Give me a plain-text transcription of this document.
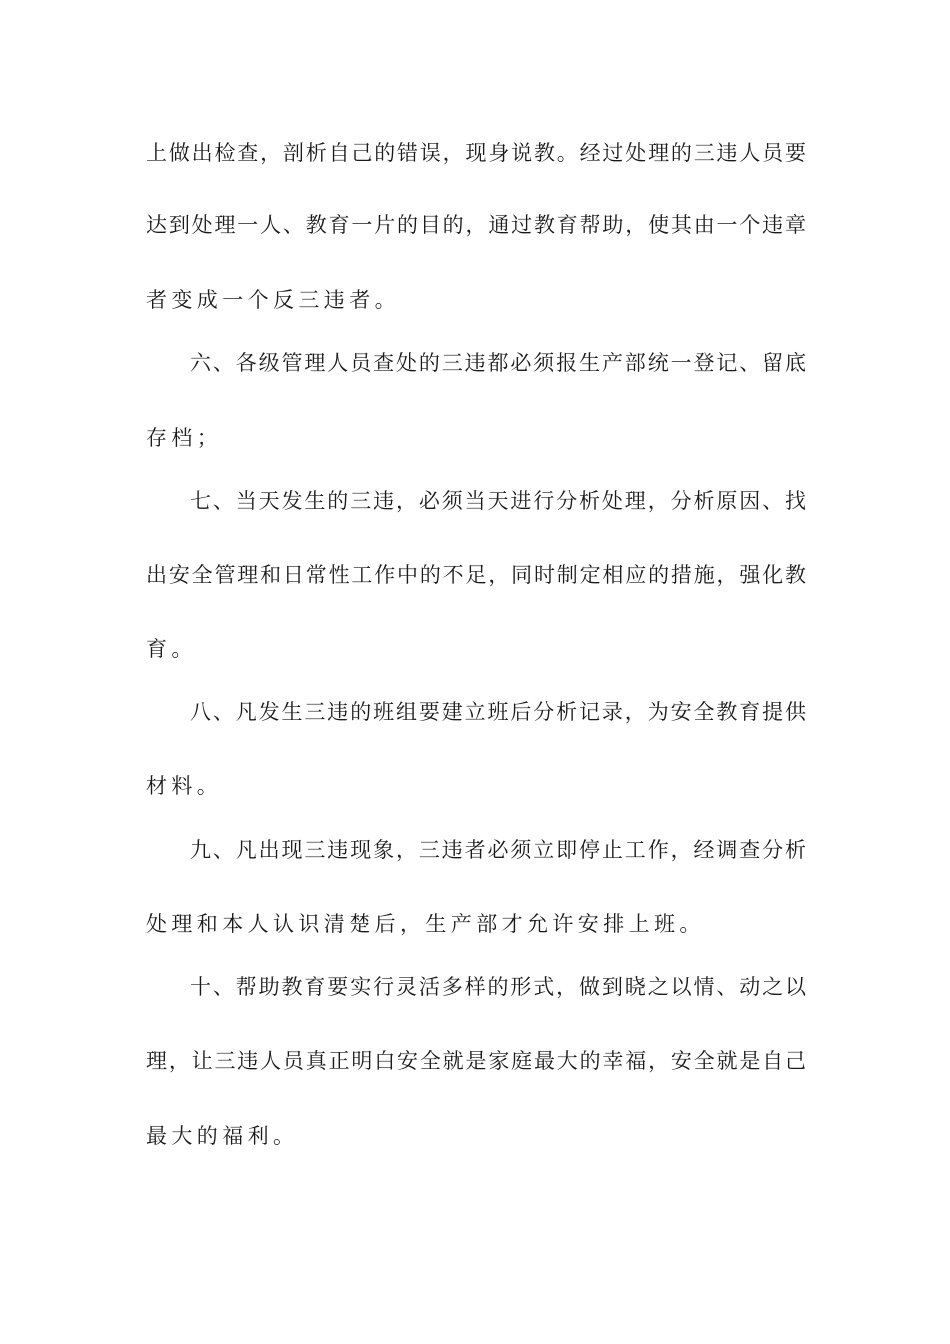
上做出检查，剖析自己的错误，现身说教。经过处理的三违人员要
达到处理一人、教育一片的目的，通过教育帮助，使其由一个违章
者变成一个反三违者。
六、各级管理人员查处的三违都必须报生产部统一登记、留底
存档；
七、当天发生的三违，必须当天进行分析处理，分析原因、找
出安全管理和日常性工作中的不足，同时制定相应的措施，强化教
育。
八、凡发生三违的班组要建立班后分析记录，为安全教育提供
材料。
九、凡出现三违现象，三违者必须立即停止工作，经调查分析
处理和本人认识清楚后，生产部才允许安排上班。
十、帮助教育要实行灵活多样的形式，做到晓之以情、动之以
理，让三违人员真正明白安全就是家庭最大的幸福，安全就是自己
最大的福利。
